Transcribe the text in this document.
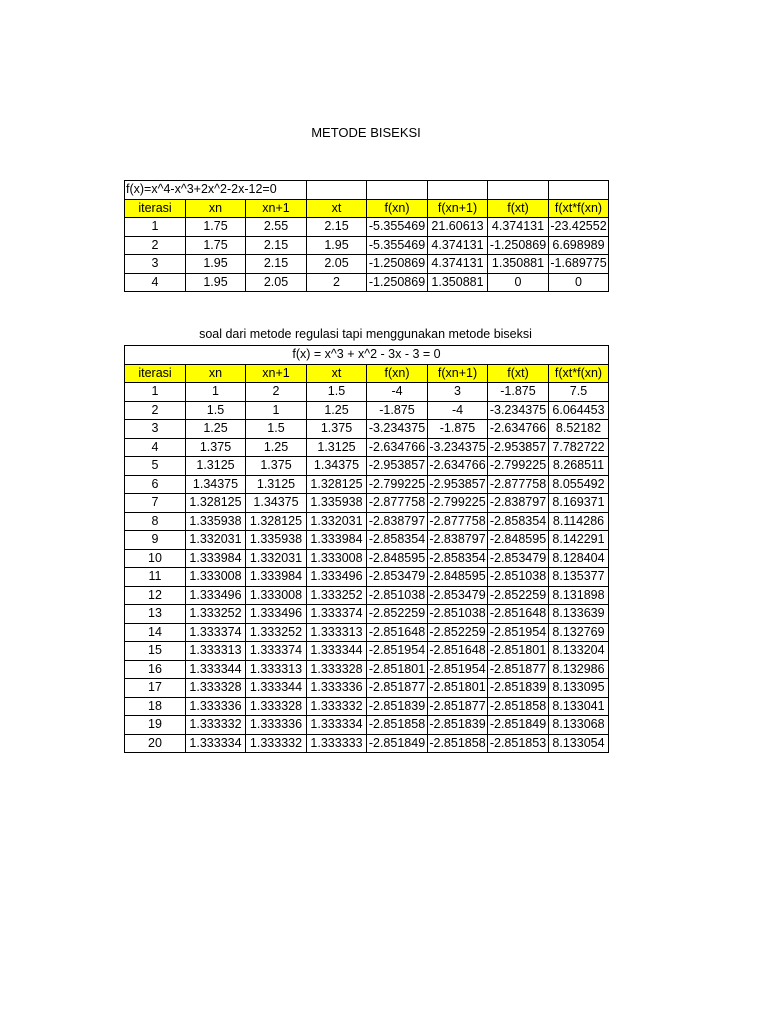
METODE BISEKSI
f(x)=x^4-x^3+2x^2-2x-12=0							
iterasi	xn	xn+1	xt	f(xn)	f(xn+1)	f(xt)	f(xt*f(xn)
1	1.75	2.55	2.15	-5.355469	21.60613	4.374131	-23.42552
2	1.75	2.15	1.95	-5.355469	4.374131	-1.250869	6.698989
3	1.95	2.15	2.05	-1.250869	4.374131	1.350881	-1.689775
4	1.95	2.05	2	-1.250869	1.350881	0	0
soal dari metode regulasi tapi menggunakan metode biseksi
f(x) = x^3 + x^2 - 3x - 3 = 0							
iterasi	xn	xn+1	xt	f(xn)	f(xn+1)	f(xt)	f(xt*f(xn)
1	1	2	1.5	-4	3	-1.875	7.5
2	1.5	1	1.25	-1.875	-4	-3.234375	6.064453
3	1.25	1.5	1.375	-3.234375	-1.875	-2.634766	8.52182
4	1.375	1.25	1.3125	-2.634766	-3.234375	-2.953857	7.782722
5	1.3125	1.375	1.34375	-2.953857	-2.634766	-2.799225	8.268511
6	1.34375	1.3125	1.328125	-2.799225	-2.953857	-2.877758	8.055492
7	1.328125	1.34375	1.335938	-2.877758	-2.799225	-2.838797	8.169371
8	1.335938	1.328125	1.332031	-2.838797	-2.877758	-2.858354	8.114286
9	1.332031	1.335938	1.333984	-2.858354	-2.838797	-2.848595	8.142291
10	1.333984	1.332031	1.333008	-2.848595	-2.858354	-2.853479	8.128404
11	1.333008	1.333984	1.333496	-2.853479	-2.848595	-2.851038	8.135377
12	1.333496	1.333008	1.333252	-2.851038	-2.853479	-2.852259	8.131898
13	1.333252	1.333496	1.333374	-2.852259	-2.851038	-2.851648	8.133639
14	1.333374	1.333252	1.333313	-2.851648	-2.852259	-2.851954	8.132769
15	1.333313	1.333374	1.333344	-2.851954	-2.851648	-2.851801	8.133204
16	1.333344	1.333313	1.333328	-2.851801	-2.851954	-2.851877	8.132986
17	1.333328	1.333344	1.333336	-2.851877	-2.851801	-2.851839	8.133095
18	1.333336	1.333328	1.333332	-2.851839	-2.851877	-2.851858	8.133041
19	1.333332	1.333336	1.333334	-2.851858	-2.851839	-2.851849	8.133068
20	1.333334	1.333332	1.333333	-2.851849	-2.851858	-2.851853	8.133054
